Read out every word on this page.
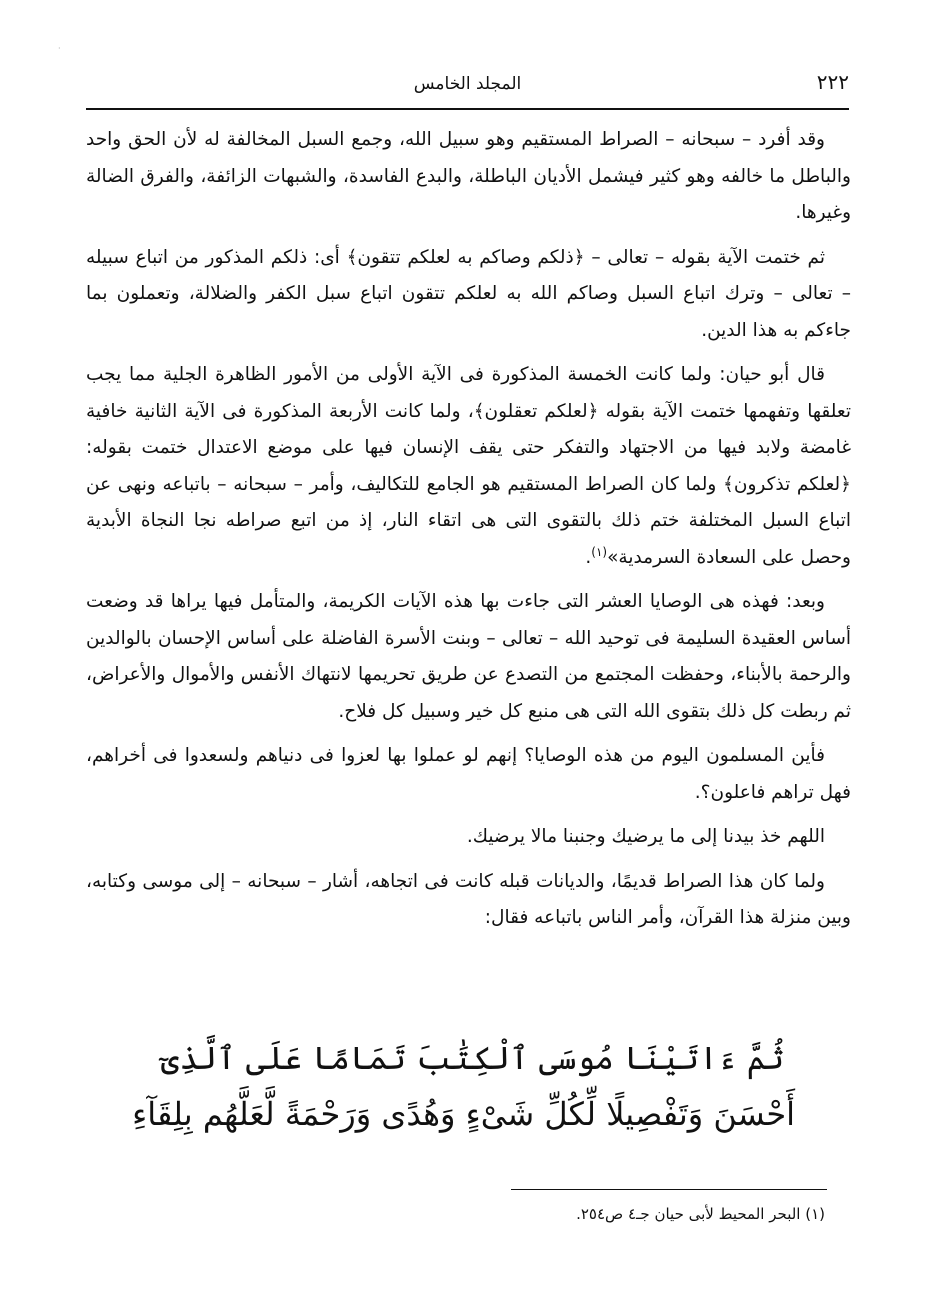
·
٢٢٢
المجلد الخامس

وقد أفرد – سبحانه – الصراط المستقيم وهو سبيل الله، وجمع السبل المخالفة له لأن الحق واحد والباطل ما خالفه وهو كثير فيشمل الأديان الباطلة، والبدع الفاسدة، والشبهات الزائفة، والفرق الضالة وغيرها.

ثم ختمت الآية بقوله – تعالى – ﴿ذلكم وصاكم به لعلكم تتقون﴾ أى: ذلكم المذكور من اتباع سبيله – تعالى – وترك اتباع السبل وصاكم الله به لعلكم تتقون اتباع سبل الكفر والضلالة، وتعملون بما جاءكم به هذا الدين.

قال أبو حيان: ولما كانت الخمسة المذكورة فى الآية الأولى من الأمور الظاهرة الجلية مما يجب تعلقها وتفهمها ختمت الآية بقوله ﴿لعلكم تعقلون﴾، ولما كانت الأربعة المذكورة فى الآية الثانية خافية غامضة ولابد فيها من الاجتهاد والتفكر حتى يقف الإنسان فيها على موضع الاعتدال ختمت بقوله: ﴿لعلكم تذكرون﴾ ولما كان الصراط المستقيم هو الجامع للتكاليف، وأمر – سبحانه – باتباعه ونهى عن اتباع السبل المختلفة ختم ذلك بالتقوى التى هى اتقاء النار، إذ من اتبع صراطه نجا النجاة الأبدية وحصل على السعادة السرمدية»$^{(١)}$.

وبعد: فهذه هى الوصايا العشر التى جاءت بها هذه الآيات الكريمة، والمتأمل فيها يراها قد وضعت أساس العقيدة السليمة فى توحيد الله – تعالى – وبنت الأسرة الفاضلة على أساس الإحسان بالوالدين والرحمة بالأبناء، وحفظت المجتمع من التصدع عن طريق تحريمها لانتهاك الأنفس والأموال والأعراض، ثم ربطت كل ذلك بتقوى الله التى هى منبع كل خير وسبيل كل فلاح.

فأين المسلمون اليوم من هذه الوصايا؟ إنهم لو عملوا بها لعزوا فى دنياهم ولسعدوا فى أخراهم، فهل تراهم فاعلون؟.

اللهم خذ بيدنا إلى ما يرضيك وجنبنا مالا يرضيك.

ولما كان هذا الصراط قديمًا، والديانات قبله كانت فى اتجاهه، أشار – سبحانه – إلى موسى وكتابه، وبين منزلة هذا القرآن، وأمر الناس باتباعه فقال:

ثُمَّ ءَاتَيْنَا مُوسَى ٱلْكِتَٰبَ تَمَامًا عَلَى ٱلَّذِىٓ
أَحْسَنَ وَتَفْصِيلًا لِّكُلِّ شَىْءٍ وَهُدًى وَرَحْمَةً لَّعَلَّهُم بِلِقَآءِ
(١) البحر المحيط لأبى حيان جـ٤ ص٢٥٤.
